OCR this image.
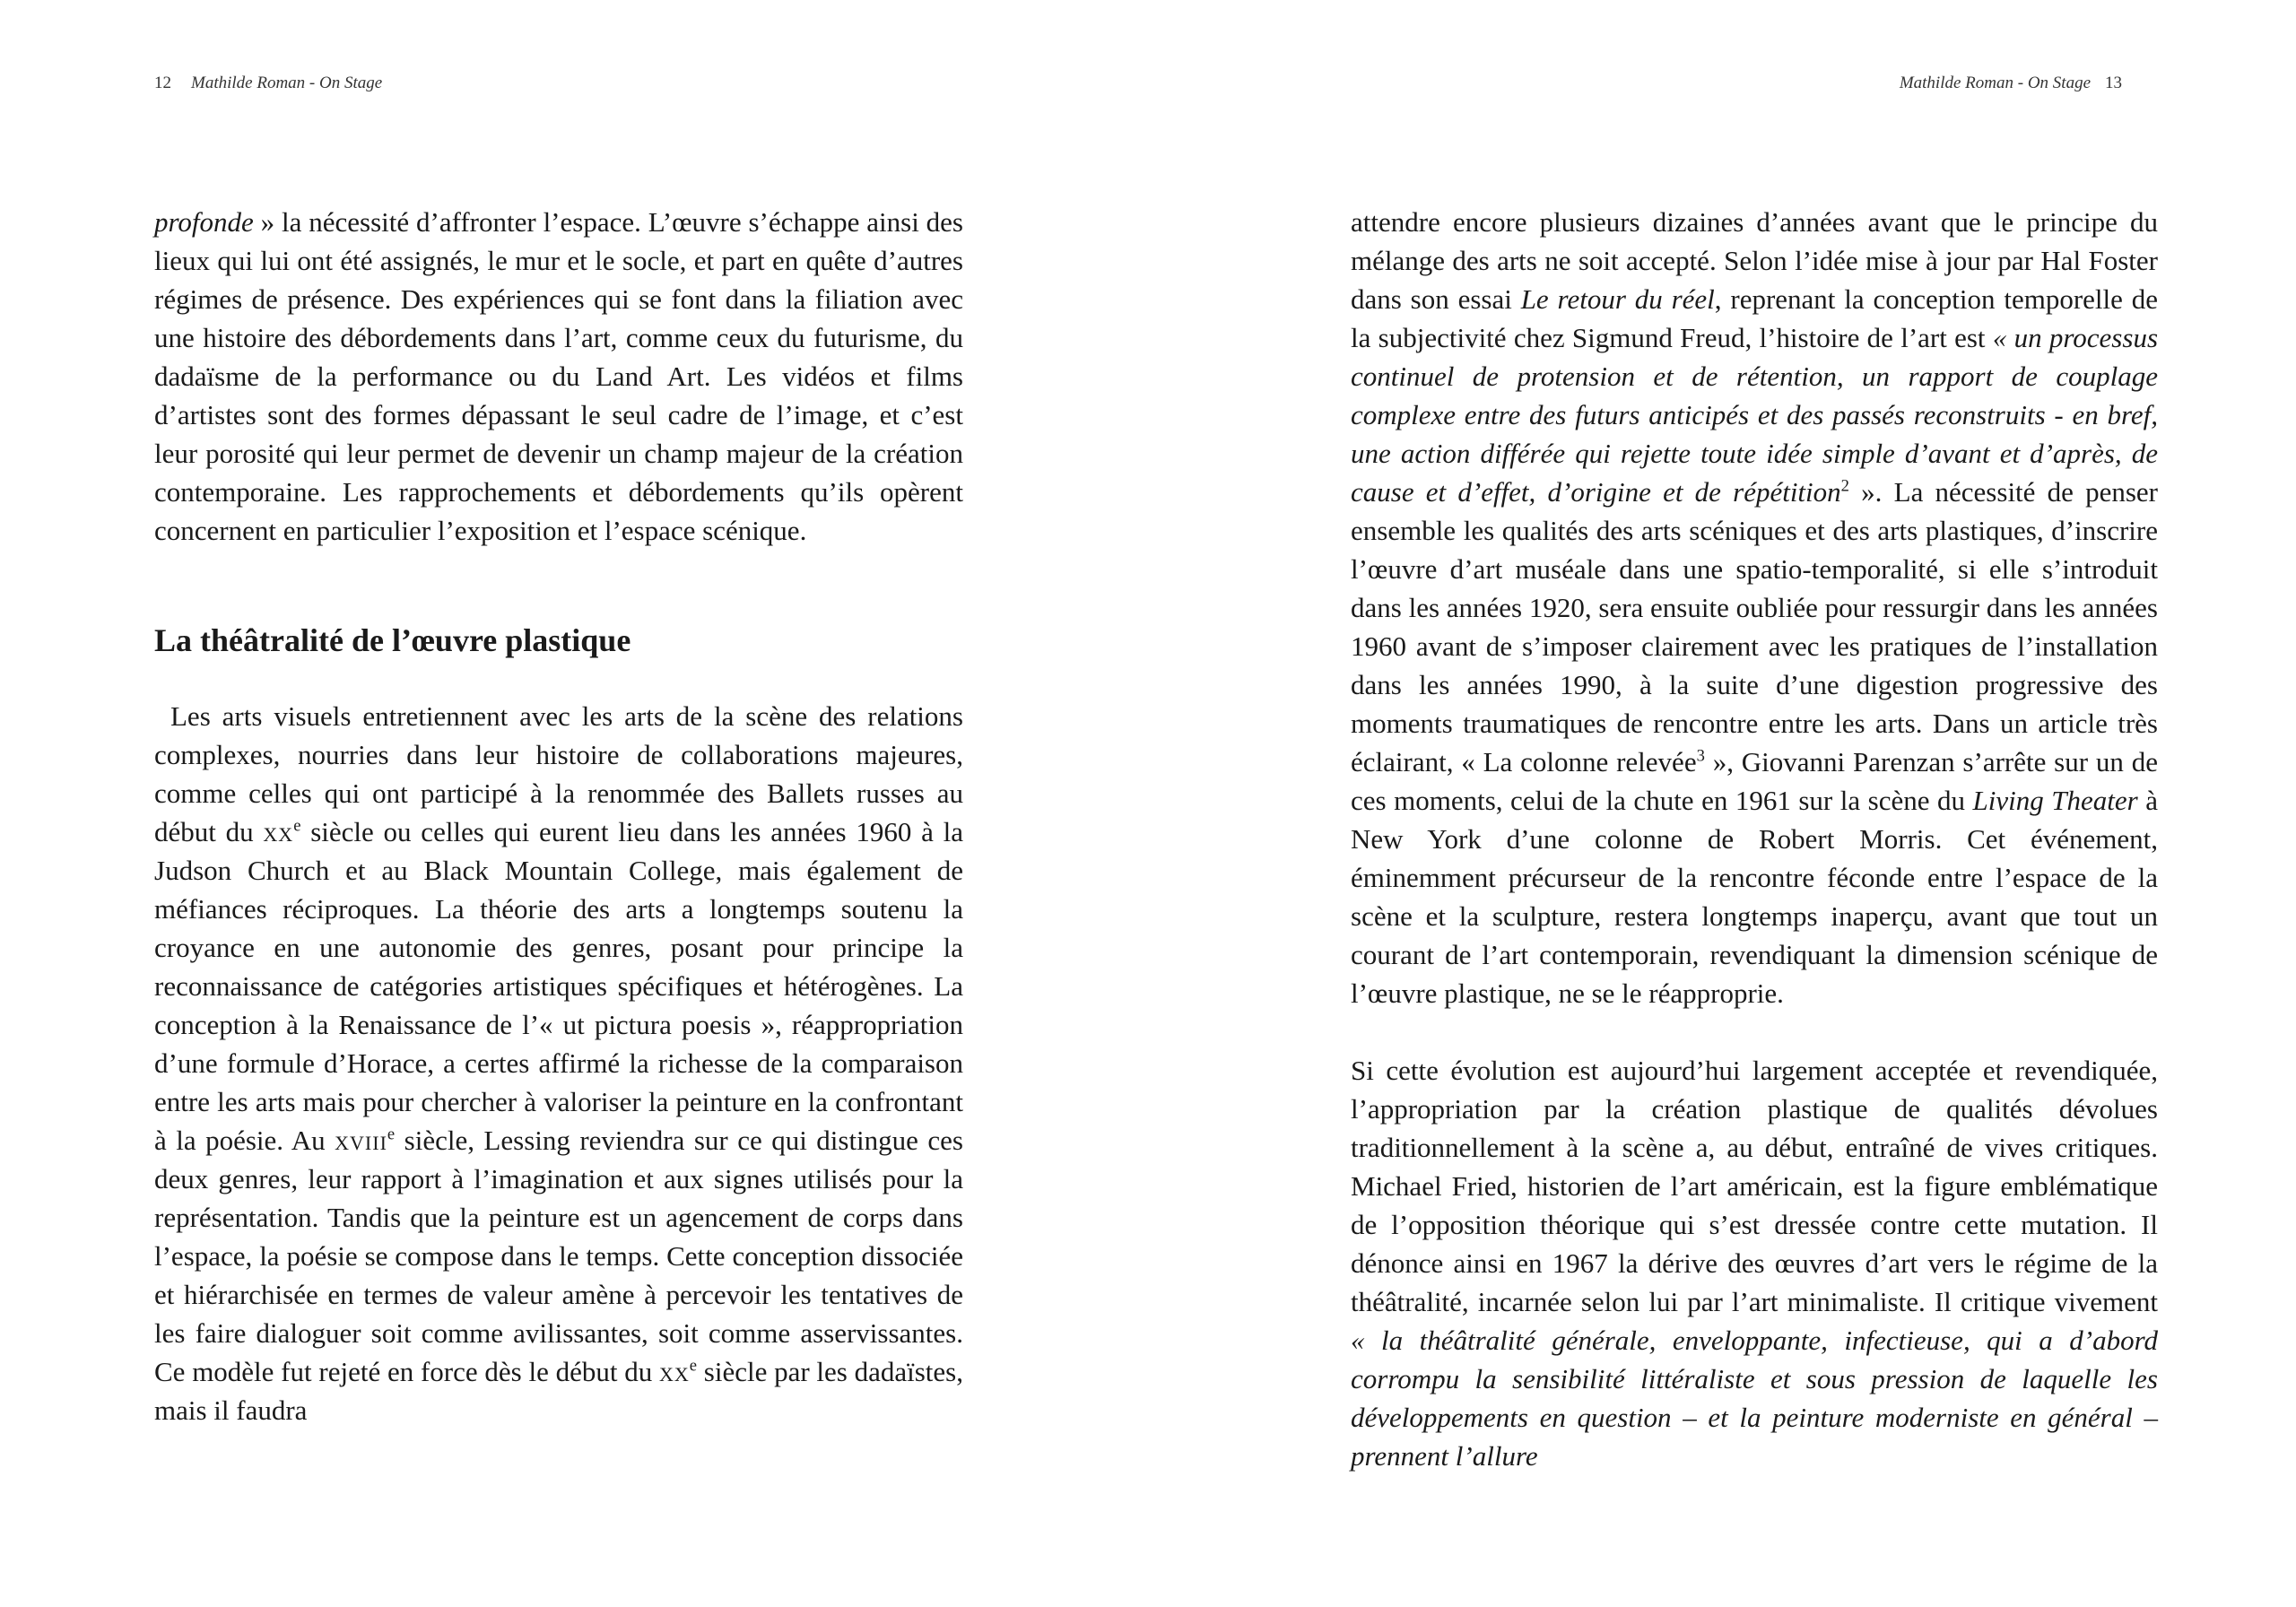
12 Mathilde Roman - On Stage

profonde » la nécessité d’affronter l’espace. L’œuvre s’échappe ainsi des lieux qui lui ont été assignés, le mur et le socle, et part en quête d’autres régimes de présence. Des expériences qui se font dans la filiation avec une histoire des débordements dans l’art, comme ceux du futurisme, du dadaïsme de la performance ou du Land Art. Les vidéos et films d’artistes sont des formes dépassant le seul cadre de l’image, et c’est leur porosité qui leur permet de devenir un champ majeur de la création contemporaine. Les rapprochements et débordements qu’ils opèrent concernent en particulier l’exposition et l’espace scénique.

La théâtralité de l’œuvre plastique

Les arts visuels entretiennent avec les arts de la scène des relations complexes, nourries dans leur histoire de collaborations majeures, comme celles qui ont participé à la renommée des Ballets russes au début du $xx^e$ siècle ou celles qui eurent lieu dans les années 1960 à la Judson Church et au Black Mountain College, mais également de méfiances réciproques. La théorie des arts a longtemps soutenu la croyance en une autonomie des genres, posant pour principe la reconnaissance de catégories artistiques spécifiques et hétérogènes. La conception à la Renaissance de l’« ut pictura poesis », réappropriation d’une formule d’Horace, a certes affirmé la richesse de la comparaison entre les arts mais pour chercher à valoriser la peinture en la confrontant à la poésie. Au xviii$^e$ siècle, Lessing reviendra sur ce qui distingue ces deux genres, leur rapport à l’imagination et aux signes utilisés pour la représentation. Tandis que la peinture est un agencement de corps dans l’espace, la poésie se compose dans le temps. Cette conception dissociée et hiérarchisée en termes de valeur amène à percevoir les tentatives de les faire dialoguer soit comme avilissantes, soit comme asservissantes. Ce modèle fut rejeté en force dès le début du $xx^e$ siècle par les dadaïstes, mais il faudra

Mathilde Roman - On Stage 13

attendre encore plusieurs dizaines d’années avant que le principe du mélange des arts ne soit accepté. Selon l’idée mise à jour par Hal Foster dans son essai Le retour du réel, reprenant la conception temporelle de la subjectivité chez Sigmund Freud, l’histoire de l’art est « un processus continuel de protension et de rétention, un rapport de couplage complexe entre des futurs anticipés et des passés reconstruits - en bref, une action différée qui rejette toute idée simple d’avant et d’après, de cause et d’effet, d’origine et de répétition$^2$ ». La nécessité de penser ensemble les qualités des arts scéniques et des arts plastiques, d’inscrire l’œuvre d’art muséale dans une spatio-temporalité, si elle s’introduit dans les années 1920, sera ensuite oubliée pour ressurgir dans les années 1960 avant de s’imposer clairement avec les pratiques de l’installation dans les années 1990, à la suite d’une digestion progressive des moments traumatiques de rencontre entre les arts. Dans un article très éclairant, « La colonne relevée$^3$ », Giovanni Parenzan s’arrête sur un de ces moments, celui de la chute en 1961 sur la scène du Living Theater à New York d’une colonne de Robert Morris. Cet événement, éminemment précurseur de la rencontre féconde entre l’espace de la scène et la sculpture, restera longtemps inaperçu, avant que tout un courant de l’art contemporain, revendiquant la dimension scénique de l’œuvre plastique, ne se le réapproprie.

Si cette évolution est aujourd’hui largement acceptée et revendiquée, l’appropriation par la création plastique de qualités dévolues traditionnellement à la scène a, au début, entraîné de vives critiques. Michael Fried, historien de l’art américain, est la figure emblématique de l’opposition théorique qui s’est dressée contre cette mutation. Il dénonce ainsi en 1967 la dérive des œuvres d’art vers le régime de la théâtralité, incarnée selon lui par l’art minimaliste. Il critique vivement « la théâtralité générale, enveloppante, infectieuse, qui a d’abord corrompu la sensibilité littéraliste et sous pression de laquelle les développements en question – et la peinture moderniste en général – prennent l’allure
